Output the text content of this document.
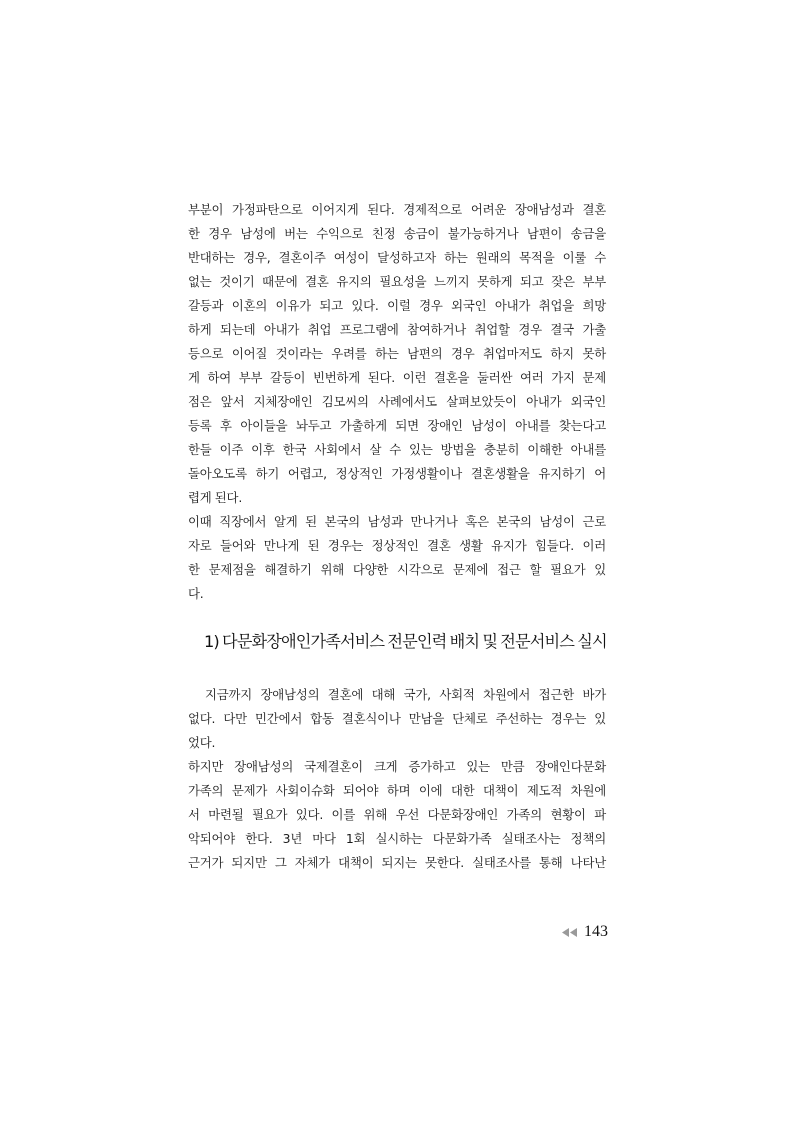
부분이 가정파탄으로 이어지게 된다. 경제적으로 어려운 장애남성과 결혼
한 경우 남성에 버는 수익으로 친정 송금이 불가능하거나 남편이 송금을
반대하는 경우, 결혼이주 여성이 달성하고자 하는 원래의 목적을 이룰 수
없는 것이기 때문에 결혼 유지의 필요성을 느끼지 못하게 되고 잦은 부부
갈등과 이혼의 이유가 되고 있다. 이럴 경우 외국인 아내가 취업을 희망
하게 되는데 아내가 취업 프로그램에 참여하거나 취업할 경우 결국 가출
등으로 이어질 것이라는 우려를 하는 남편의 경우 취업마저도 하지 못하
게 하여 부부 갈등이 빈번하게 된다. 이런 결혼을 둘러싼 여러 가지 문제
점은 앞서 지체장애인 김모씨의 사례에서도 살펴보았듯이 아내가 외국인
등록 후 아이들을 놔두고 가출하게 되면 장애인 남성이 아내를 찾는다고
한들 이주 이후 한국 사회에서 살 수 있는 방법을 충분히 이해한 아내를
돌아오도록 하기 어렵고, 정상적인 가정생활이나 결혼생활을 유지하기 어
렵게 된다.
이때 직장에서 알게 된 본국의 남성과 만나거나 혹은 본국의 남성이 근로
자로 들어와 만나게 된 경우는 정상적인 결혼 생활 유지가 힘들다. 이러
한 문제점을 해결하기 위해 다양한 시각으로 문제에 접근 할 필요가 있
다.
1) 다문화장애인가족서비스 전문인력 배치 및 전문서비스 실시
지금까지 장애남성의 결혼에 대해 국가, 사회적 차원에서 접근한 바가
없다. 다만 민간에서 합동 결혼식이나 만남을 단체로 주선하는 경우는 있
었다.
하지만 장애남성의 국제결혼이 크게 증가하고 있는 만큼 장애인다문화
가족의 문제가 사회이슈화 되어야 하며 이에 대한 대책이 제도적 차원에
서 마련될 필요가 있다. 이를 위해 우선 다문화장애인 가족의 현황이 파
악되어야 한다. 3년 마다 1회 실시하는 다문화가족 실태조사는 정책의
근거가 되지만 그 자체가 대책이 되지는 못한다. 실태조사를 통해 나타난
143
